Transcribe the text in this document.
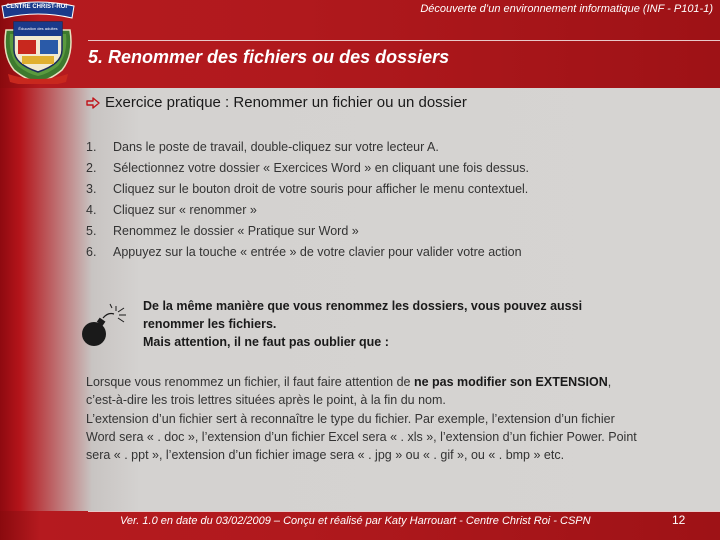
CENTRE CHRIST-ROI
Éducation des adultes
Découverte d’un environnement informatique (INF - P101-1)
5. Renommer des fichiers ou des dossiers
Exercice pratique : Renommer un fichier ou un dossier
1.	Dans le poste de travail, double-cliquez sur votre lecteur A.
2.	Sélectionnez votre dossier « Exercices Word » en cliquant une fois dessus.
3.	Cliquez sur le bouton droit de votre souris pour afficher le menu contextuel.
4.	Cliquez sur « renommer »
5.	Renommez le dossier « Pratique sur Word »
6.	Appuyez sur la touche « entrée » de votre clavier pour valider votre action
De la même manière que vous renommez les dossiers, vous pouvez aussi
renommer les fichiers.
Mais attention, il ne faut pas oublier que :
Lorsque vous renommez un fichier, il faut faire attention de ne pas modifier son EXTENSION,
c’est-à-dire les trois lettres situées après le point, à la fin du nom.
L’extension d’un fichier sert à reconnaître le type du fichier. Par exemple, l’extension d’un fichier
Word sera « . doc », l’extension d’un fichier Excel sera « . xls », l’extension d’un fichier Power. Point
sera « . ppt », l’extension d’un fichier image sera « . jpg » ou « . gif », ou « . bmp » etc.
Ver. 1.0 en date du 03/02/2009 – Conçu et réalisé par Katy Harrouart - Centre Christ Roi - CSPN	12
